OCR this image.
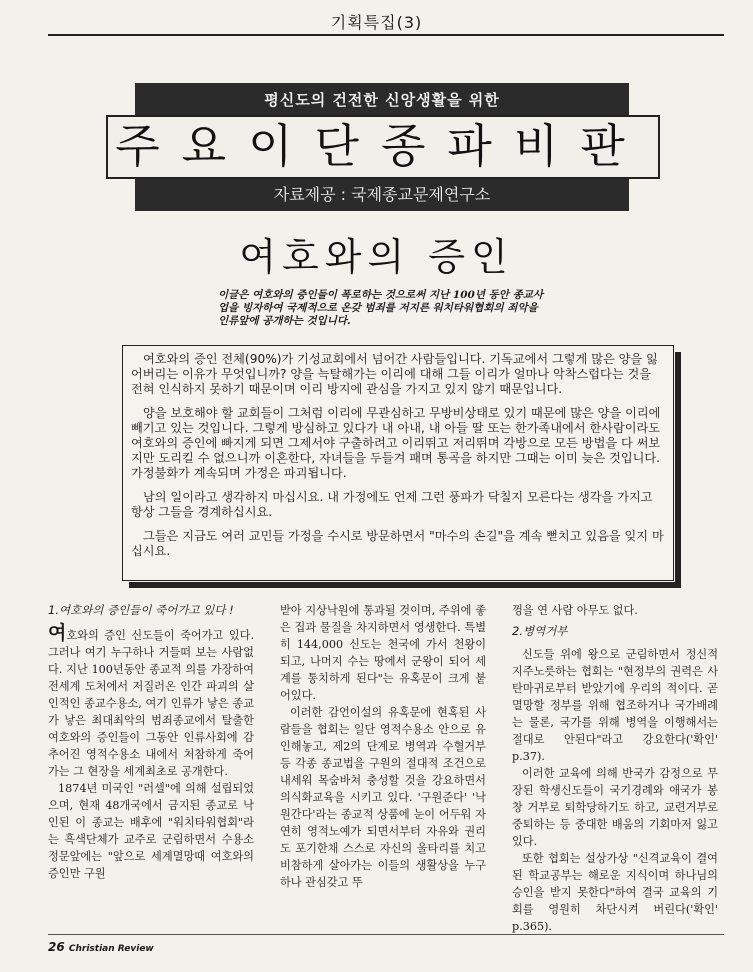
기획특집(3)
평신도의 건전한 신앙생활을 위한
주요이단종파비판
자료제공 : 국제종교문제연구소
여호와의 증인
이글은 여호와의 증인들이 폭로하는 것으로써 지난 100년 동안 종교사업을 빙자하여 국제적으로 온갖 범죄를 저지른 워치타워협회의 죄악을 인류앞에 공개하는 것입니다.

여호와의 증인 전체(90%)가 기성교회에서 넘어간 사람들입니다. 기독교에서 그렇게 많은 양을 잃어버리는 이유가 무엇입니까? 양을 늑탈해가는 이리에 대해 그들 이리가 얼마나 악착스럽다는 것을 전혀 인식하지 못하기 때문이며 이리 방지에 관심을 가지고 있지 않기 때문입니다.

양을 보호해야 할 교회들이 그처럼 이리에 무관심하고 무방비상태로 있기 때문에 많은 양을 이리에 빼기고 있는 것입니다. 그렇게 방심하고 있다가 내 아내, 내 아들 딸 또는 한가족내에서 한사람이라도 여호와의 증인에 빠지게 되면 그제서야 구출하려고 이리뛰고 저리뛰며 각방으로 모든 방법을 다 써보지만 도리킬 수 없으니까 이혼한다, 자녀들을 두들겨 패며 통곡을 하지만 그때는 이미 늦은 것입니다. 가정불화가 계속되며 가정은 파괴됩니다.

남의 일이라고 생각하지 마십시요. 내 가정에도 언제 그런 풍파가 닥칠지 모른다는 생각을 가지고 항상 그들을 경계하십시요.

그들은 지금도 여러 교민들 가정을 수시로 방문하면서 "마수의 손길"을 계속 뻗치고 있음을 잊지 마십시요.

1.여호와의 증인들이 죽어가고 있다 !

여호와의 증인 신도들이 죽어가고 있다. 그러나 여기 누구하나 거들떠 보는 사람없다. 지난 100년동안 종교적 의를 가장하여 전세계 도처에서 저질러온 인간 파괴의 살인적인 종교수용소, 여기 인류가 낳은 종교가 낳은 최대최악의 범죄종교에서 탈출한 여호와의 증인들이 그동안 인류사회에 감추어진 영적수용소 내에서 처참하게 죽어가는 그 현장을 세계최초로 공개한다.

1874년 미국인 "러셀"에 의해 설립되었으며, 현재 48개국에서 금지된 종교로 낙인된 이 종교는 배후에 "워치타워협회"라는 흑색단체가 교주로 군림하면서 수용소 정문앞에는 "앞으로 세계멸망때 여호와의 증인만 구원

받아 지상낙원에 통과될 것이며, 주위에 좋은 집과 물질을 차지하면서 영생한다. 특별히 144,000 신도는 천국에 가서 천왕이 되고, 나머지 수는 땅에서 군왕이 되어 세계를 통치하게 된다"는 유혹문이 크게 붙어있다.

이러한 감언이설의 유혹문에 현혹된 사람들을 협회는 일단 영적수용소 안으로 유인해놓고, 제2의 단계로 병역과 수혈거부 등 각종 종교법을 구원의 절대적 조건으로 내세워 목숨바쳐 충성할 것을 강요하면서 의식화교육을 시키고 있다. '구원준다' '낙원간다'라는 종교적 상품에 눈이 어두워 자연히 영적노예가 되면서부터 자유와 권리도 포기한채 스스로 자신의 울타리를 치고 비참하게 살아가는 이들의 생활상을 누구하나 관심갖고 뚜

껑을 연 사람 아무도 없다.

2.병역거부

신도들 위에 왕으로 군림하면서 정신적 지주노릇하는 협회는 "현정부의 권력은 사탄마귀로부터 받았기에 우리의 적이다. 곧 멸망할 정부를 위해 협조하거나 국가배례는 물론, 국가를 위해 병역을 이행해서는 절대로 안된다"라고 강요한다('확인' p.37).

이러한 교육에 의해 반국가 감정으로 무장된 학생신도들이 국기경례와 애국가 봉창 거부로 퇴학당하기도 하고, 교련거부로 중퇴하는 등 중대한 배움의 기회마저 잃고 있다.

또한 협회는 설상가상 "신격교육이 결여된 학교공부는 해로운 지식이며 하나님의 승인을 받지 못한다"하여 결국 교육의 기회를 영원히 차단시켜 버린다('확인' p.365).

26 Christian Review
